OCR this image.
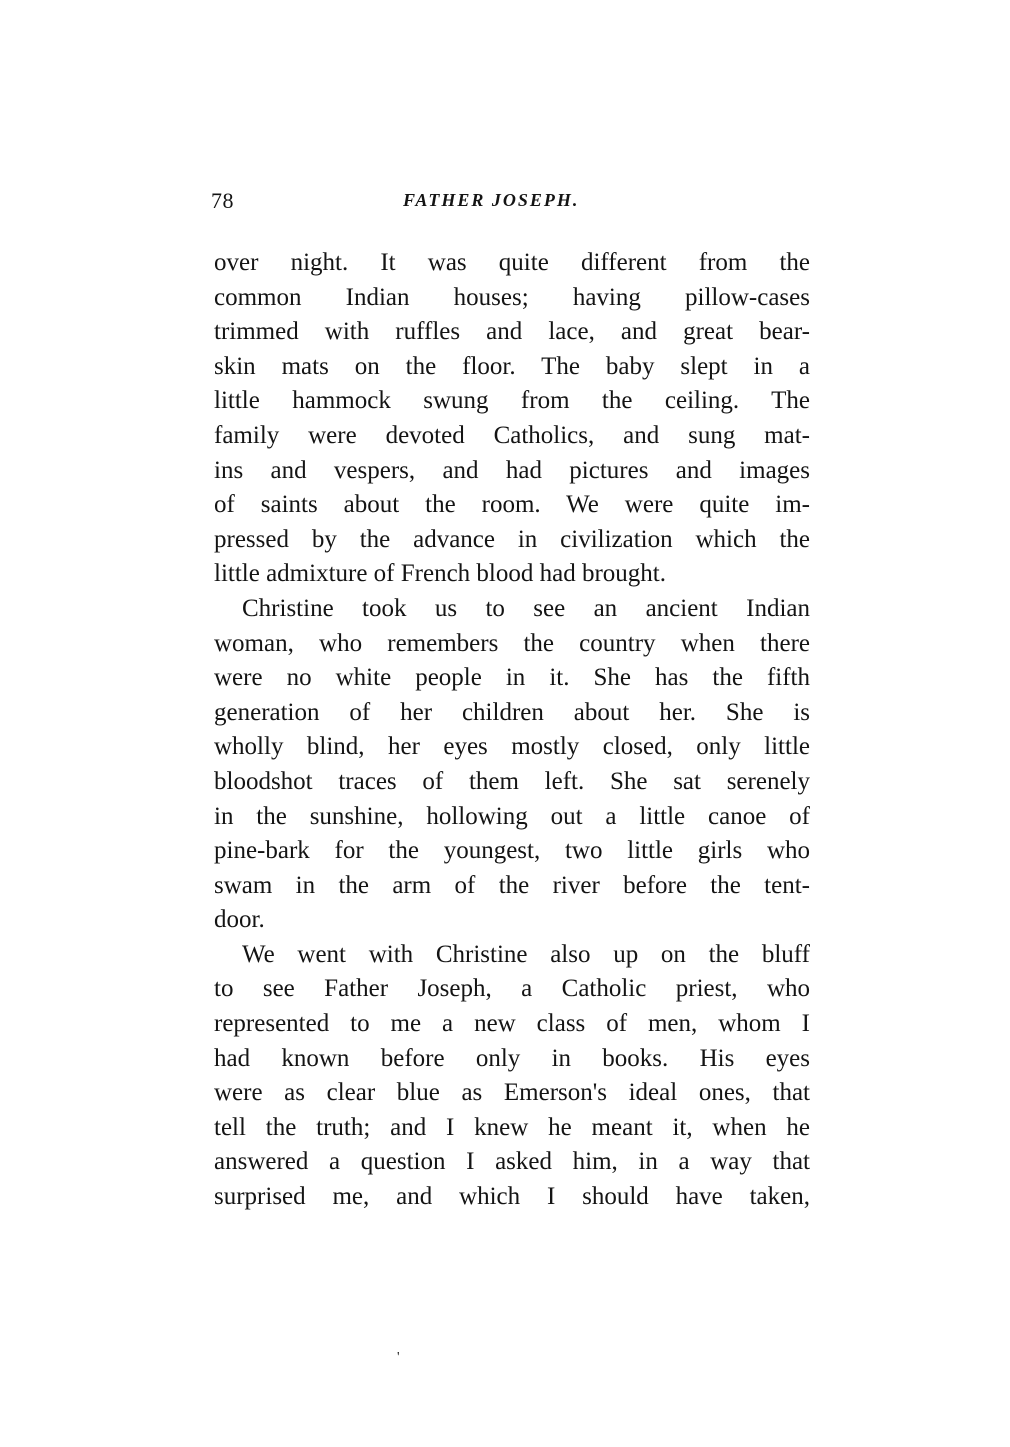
78	FATHER JOSEPH.
over night. It was quite different from the
common Indian houses; having pillow-cases
trimmed with ruffles and lace, and great bear-
skin mats on the floor. The baby slept in a
little hammock swung from the ceiling. The
family were devoted Catholics, and sung mat-
ins and vespers, and had pictures and images
of saints about the room. We were quite im-
pressed by the advance in civilization which the
little admixture of French blood had brought.
Christine took us to see an ancient Indian
woman, who remembers the country when there
were no white people in it. She has the fifth
generation of her children about her. She is
wholly blind, her eyes mostly closed, only little
bloodshot traces of them left. She sat serenely
in the sunshine, hollowing out a little canoe of
pine-bark for the youngest, two little girls who
swam in the arm of the river before the tent-
door.
We went with Christine also up on the bluff
to see Father Joseph, a Catholic priest, who
represented to me a new class of men, whom I
had known before only in books. His eyes
were as clear blue as Emerson's ideal ones, that
tell the truth; and I knew he meant it, when he
answered a question I asked him, in a way that
surprised me, and which I should have taken,
'
